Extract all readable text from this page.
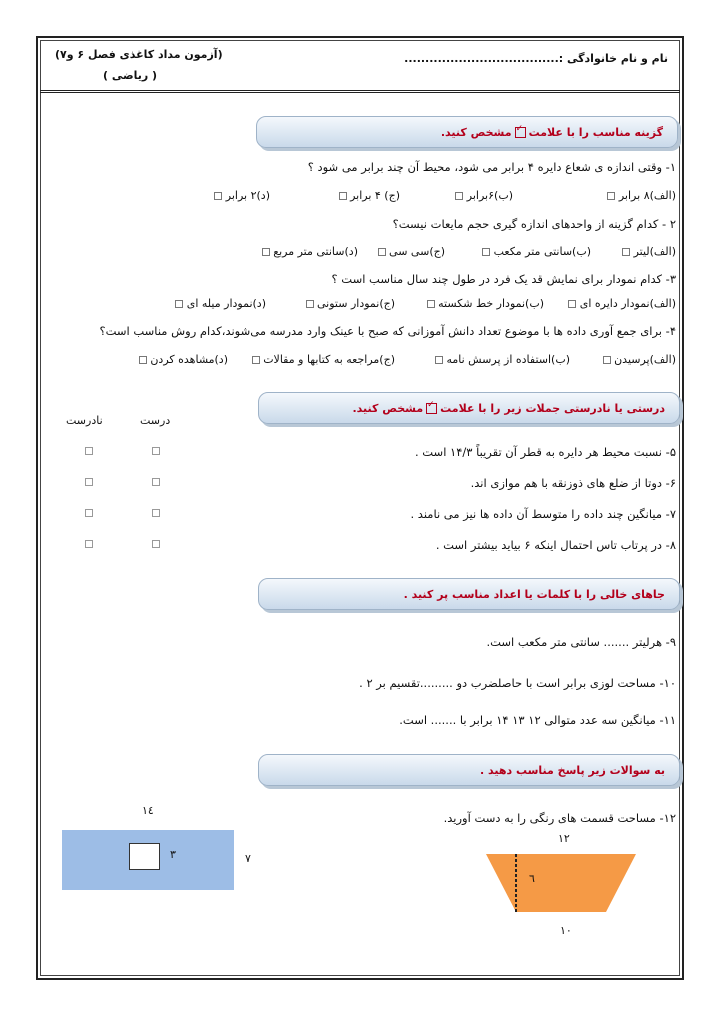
نام و نام خانوادگی :.....................................
(آزمون مداد کاغذی فصل ۶ و۷)
( ریاضی )
گزینه مناسب را با علامت
✓
مشخص کنید.
۱- وقتی اندازه ی شعاع دایره ۴ برابر می شود، محیط آن چند برابر می شود ؟
(الف)۸ برابر
(ب)۶برابر
(ج) ۴ برابر
(د)۲ برابر
۲ - کدام گزینه از واحدهای اندازه گیری حجم مایعات نیست؟
(الف)لیتر
(ب)سانتی متر مکعب
(ج)سی سی
(د)سانتی متر مربع
۳- کدام نمودار برای نمایش قد یک فرد در طول چند سال مناسب است ؟
(الف)نمودار دایره ای
(ب)نمودار خط شکسته
(ج)نمودار ستونی
(د)نمودار میله ای
۴- برای جمع آوری داده ها با موضوع تعداد دانش آموزانی که صبح با عینک وارد مدرسه می‌شوند،کدام روش مناسب است؟
(الف)پرسیدن
(ب)استفاده از پرسش نامه
(ج)مراجعه به کتابها و مقالات
(د)مشاهده کردن
درستی یا نادرستی جملات زیر را با علامت
✓
مشخص کنید.
درست
نادرست
۵- نسبت محیط هر دایره به قطر آن تقریباً ۱۴/۳ است .
۶- دوتا از ضلع های ذوزنقه با هم موازی اند.
۷- میانگین چند داده را متوسط آن داده ها نیز می نامند .
۸- در پرتاب تاس احتمال اینکه ۶ بیاید بیشتر است .
جاهای خالی را با کلمات یا اعداد مناسب پر کنید .
۹- هرلیتر ....... سانتی متر مکعب است.
۱۰- مساحت لوزی برابر است با حاصلضرب دو .........تقسیم بر ۲ .
۱۱- میانگین سه عدد متوالی ۱۲ ۱۳ ۱۴ برابر با ....... است.
به سوالات زیر پاسخ مناسب دهید .
۱۲- مساحت قسمت های رنگی را به دست آورید.
۱٤
۳	۷
۱۲
٦
۱۰
